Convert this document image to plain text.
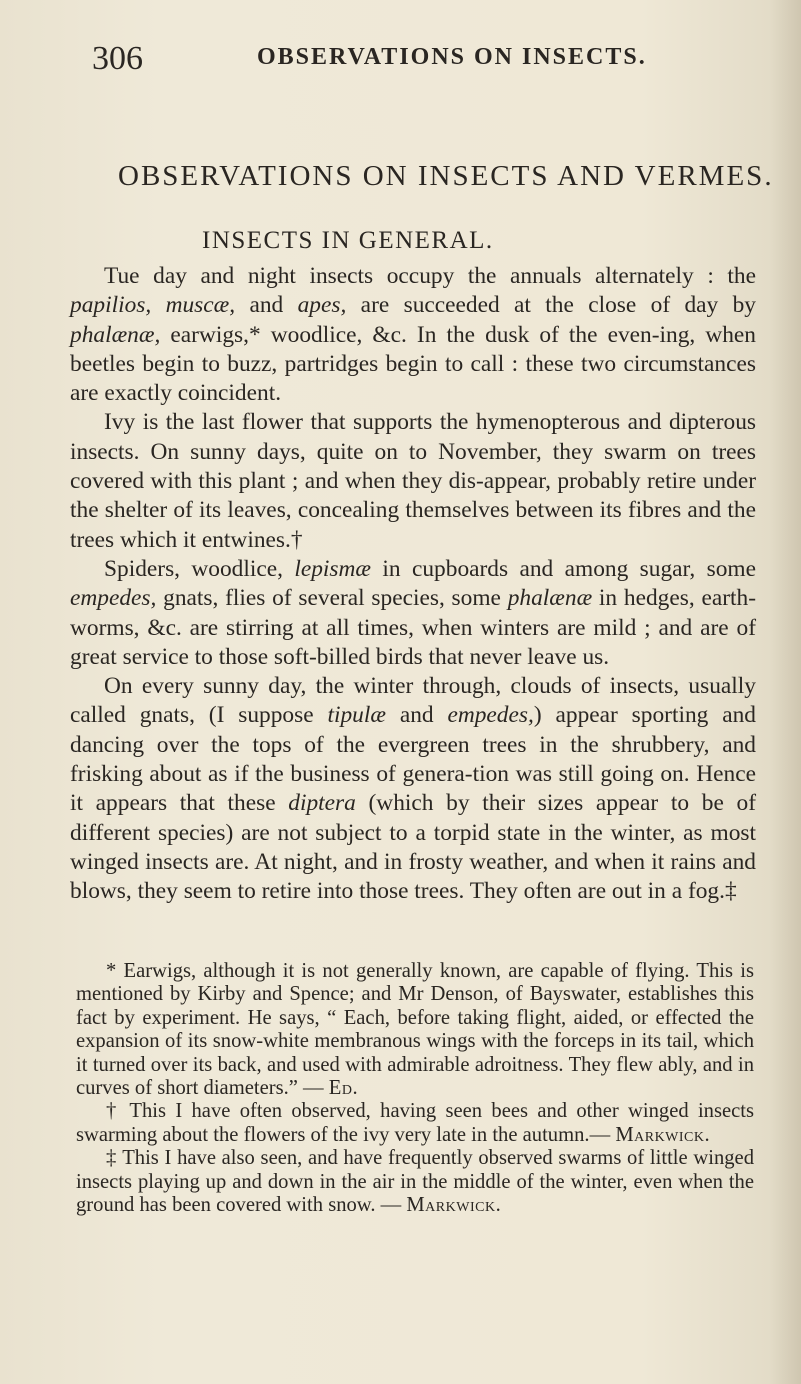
306	OBSERVATIONS ON INSECTS.
OBSERVATIONS ON INSECTS AND VERMES.
INSECTS IN GENERAL.

Tue day and night insects occupy the annuals alternately : the papilios, muscæ, and apes, are succeeded at the close of day by phalænæ, earwigs,* woodlice, &c. In the dusk of the even-ing, when beetles begin to buzz, partridges begin to call : these two circumstances are exactly coincident.

Ivy is the last flower that supports the hymenopterous and dipterous insects. On sunny days, quite on to November, they swarm on trees covered with this plant ; and when they dis-appear, probably retire under the shelter of its leaves, concealing themselves between its fibres and the trees which it entwines.†

Spiders, woodlice, lepismæ in cupboards and among sugar, some empedes, gnats, flies of several species, some phalænæ in hedges, earth-worms, &c. are stirring at all times, when winters are mild ; and are of great service to those soft-billed birds that never leave us.

On every sunny day, the winter through, clouds of insects, usually called gnats, (I suppose tipulæ and empedes,) appear sporting and dancing over the tops of the evergreen trees in the shrubbery, and frisking about as if the business of genera-tion was still going on. Hence it appears that these diptera (which by their sizes appear to be of different species) are not subject to a torpid state in the winter, as most winged insects are. At night, and in frosty weather, and when it rains and blows, they seem to retire into those trees. They often are out in a fog.‡

* Earwigs, although it is not generally known, are capable of flying. This is mentioned by Kirby and Spence; and Mr Denson, of Bayswater, establishes this fact by experiment. He says, “ Each, before taking flight, aided, or effected the expansion of its snow-white membranous wings with the forceps in its tail, which it turned over its back, and used with admirable adroitness. They flew ably, and in curves of short diameters.” — Ed.

† This I have often observed, having seen bees and other winged insects swarming about the flowers of the ivy very late in the autumn.— Markwick.

‡ This I have also seen, and have frequently observed swarms of little winged insects playing up and down in the air in the middle of the winter, even when the ground has been covered with snow. — Markwick.
